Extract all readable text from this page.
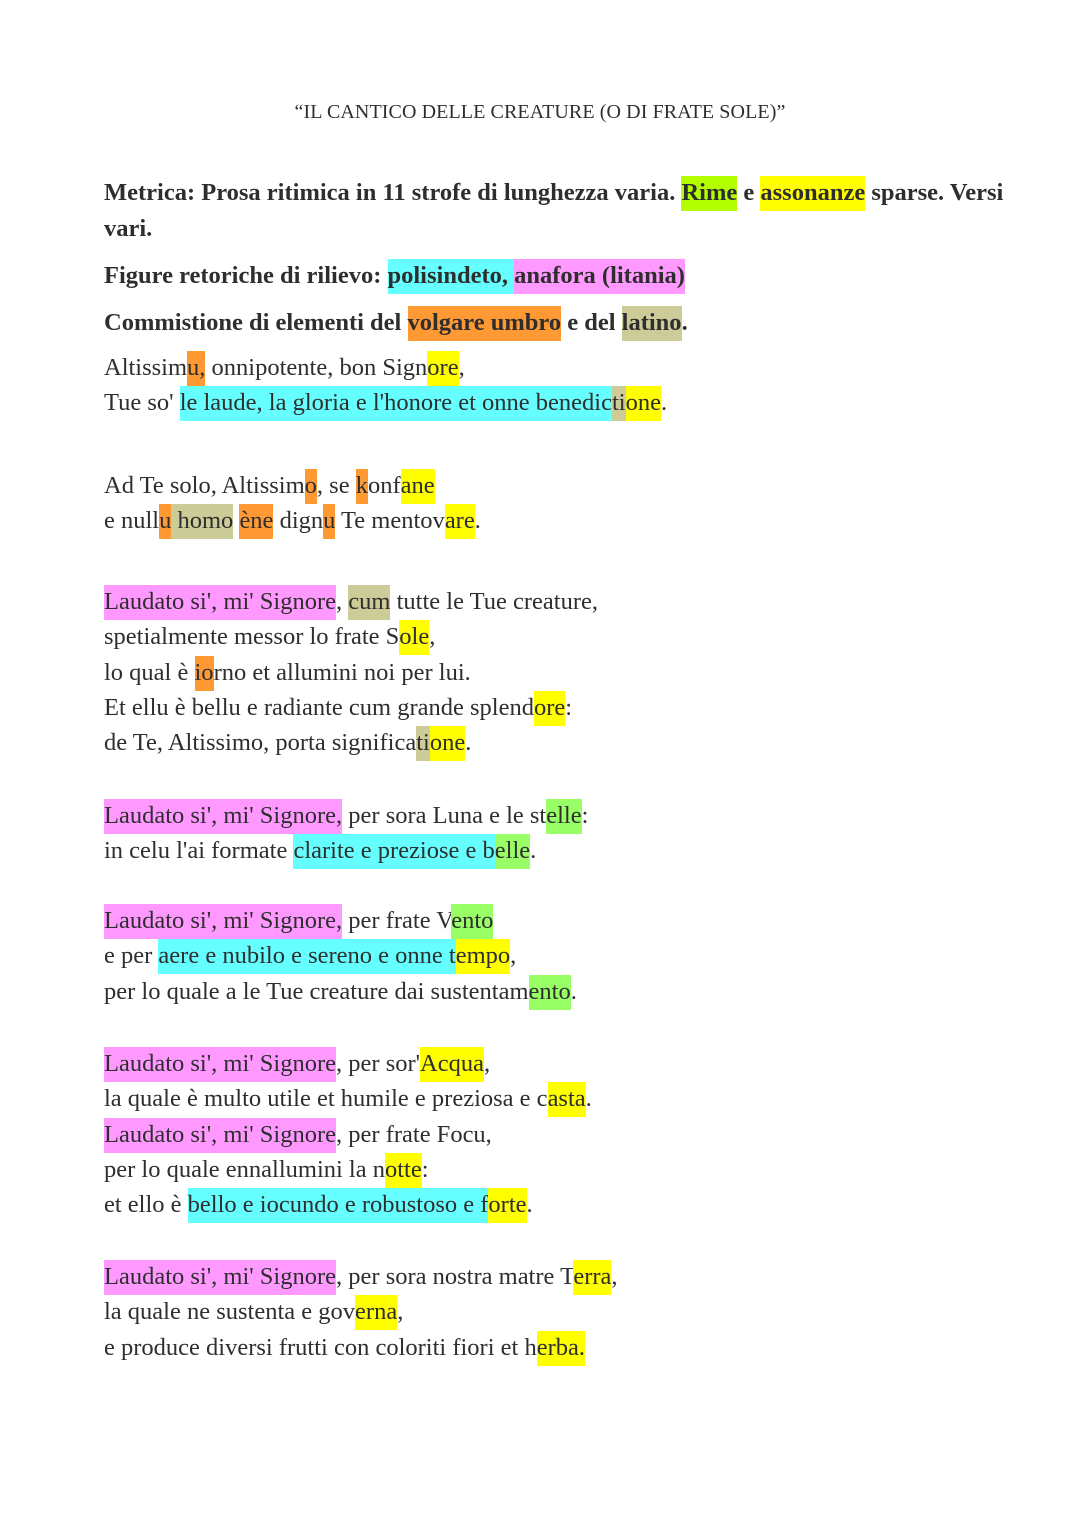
“IL CANTICO DELLE CREATURE (O DI FRATE SOLE)”

Metrica: Prosa ritimica in 11 strofe di lunghezza varia. Rime e assonanze sparse. Versi vari.

Figure retoriche di rilievo: polisindeto, anafora (litania)

Commistione di elementi del volgare umbro e del latino.

Altissimu, onnipotente, bon Signore,
Tue so' le laude, la gloria e l'honore et onne benedictione.
Ad Te solo, Altissimo, se konfane
e nullu homo ène dignu Te mentovare.
Laudato si', mi' Signore, cum tutte le Tue creature,
spetialmente messor lo frate Sole,
lo qual è iorno et allumini noi per lui.
Et ellu è bellu e radiante cum grande splendore:
de Te, Altissimo, porta significatione.
Laudato si', mi' Signore, per sora Luna e le stelle:
in celu l'ai formate clarite e preziose e belle.
Laudato si', mi' Signore, per frate Vento
e per aere e nubilo e sereno e onne tempo,
per lo quale a le Tue creature dai sustentamento.
Laudato si', mi' Signore, per sor'Acqua,
la quale è multo utile et humile e preziosa e casta.
Laudato si', mi' Signore, per frate Focu,
per lo quale ennallumini la notte:
et ello è bello e iocundo e robustoso e forte.
Laudato si', mi' Signore, per sora nostra matre Terra,
la quale ne sustenta e governa,
e produce diversi frutti con coloriti fiori et herba.
